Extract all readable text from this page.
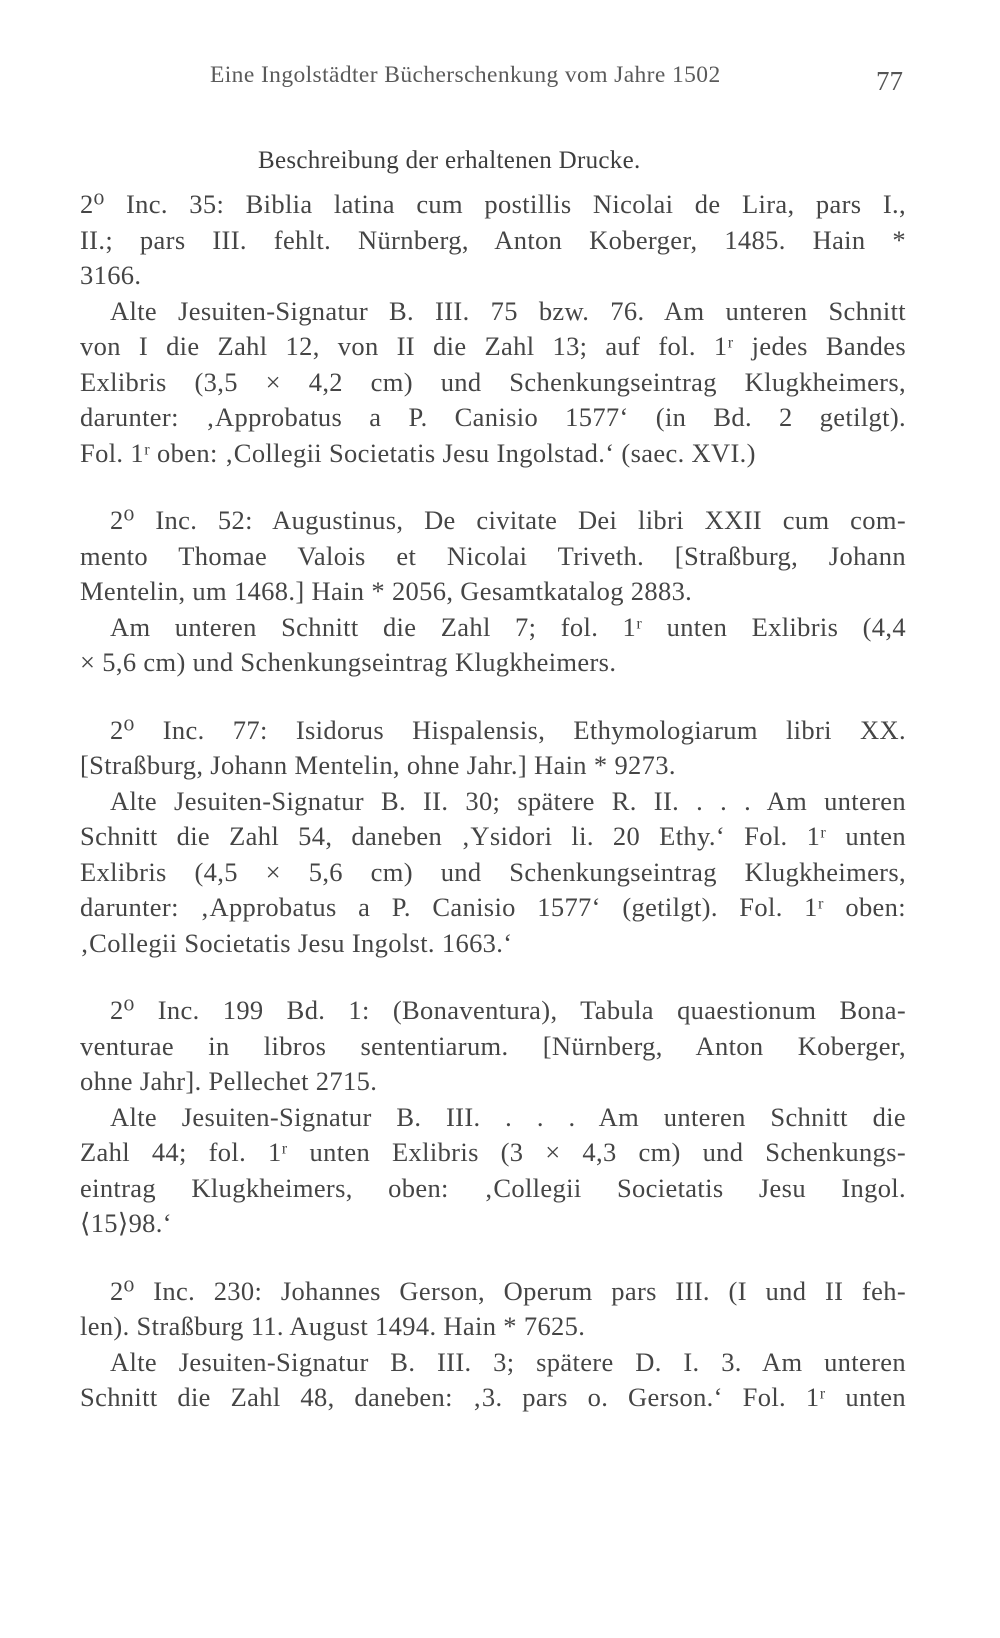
Eine Ingolstädter Bücherschenkung vom Jahre 1502	77
Beschreibung der erhaltenen Drucke.
2⁰ Inc. 35: Biblia latina cum postillis Nicolai de Lira, pars I.,
II.; pars III. fehlt. Nürnberg, Anton Koberger, 1485. Hain *
3166.
Alte Jesuiten-Signatur B. III. 75 bzw. 76. Am unteren Schnitt
von I die Zahl 12, von II die Zahl 13; auf fol. 1ʳ jedes Bandes
Exlibris (3,5 × 4,2 cm) und Schenkungseintrag Klugkheimers,
darunter: ‚Approbatus a P. Canisio 1577‘ (in Bd. 2 getilgt).
Fol. 1ʳ oben: ‚Collegii Societatis Jesu Ingolstad.‘ (saec. XVI.)
2⁰ Inc. 52: Augustinus, De civitate Dei libri XXII cum com-
mento Thomae Valois et Nicolai Triveth. [Straßburg, Johann
Mentelin, um 1468.] Hain * 2056, Gesamtkatalog 2883.
Am unteren Schnitt die Zahl 7; fol. 1ʳ unten Exlibris (4,4
× 5,6 cm) und Schenkungseintrag Klugkheimers.
2⁰ Inc. 77: Isidorus Hispalensis, Ethymologiarum libri XX.
[Straßburg, Johann Mentelin, ohne Jahr.] Hain * 9273.
Alte Jesuiten-Signatur B. II. 30; spätere R. II. . . . Am unteren
Schnitt die Zahl 54, daneben ‚Ysidori li. 20 Ethy.‘ Fol. 1ʳ unten
Exlibris (4,5 × 5,6 cm) und Schenkungseintrag Klugkheimers,
darunter: ‚Approbatus a P. Canisio 1577‘ (getilgt). Fol. 1ʳ oben:
‚Collegii Societatis Jesu Ingolst. 1663.‘
2⁰ Inc. 199 Bd. 1: (Bonaventura), Tabula quaestionum Bona-
venturae in libros sententiarum. [Nürnberg, Anton Koberger,
ohne Jahr]. Pellechet 2715.
Alte Jesuiten-Signatur B. III. . . . Am unteren Schnitt die
Zahl 44; fol. 1ʳ unten Exlibris (3 × 4,3 cm) und Schenkungs-
eintrag Klugkheimers, oben: ‚Collegii Societatis Jesu Ingol.
⟨15⟩98.‘
2⁰ Inc. 230: Johannes Gerson, Operum pars III. (I und II feh-
len). Straßburg 11. August 1494. Hain * 7625.
Alte Jesuiten-Signatur B. III. 3; spätere D. I. 3. Am unteren
Schnitt die Zahl 48, daneben: ‚3. pars o. Gerson.‘ Fol. 1ʳ unten
